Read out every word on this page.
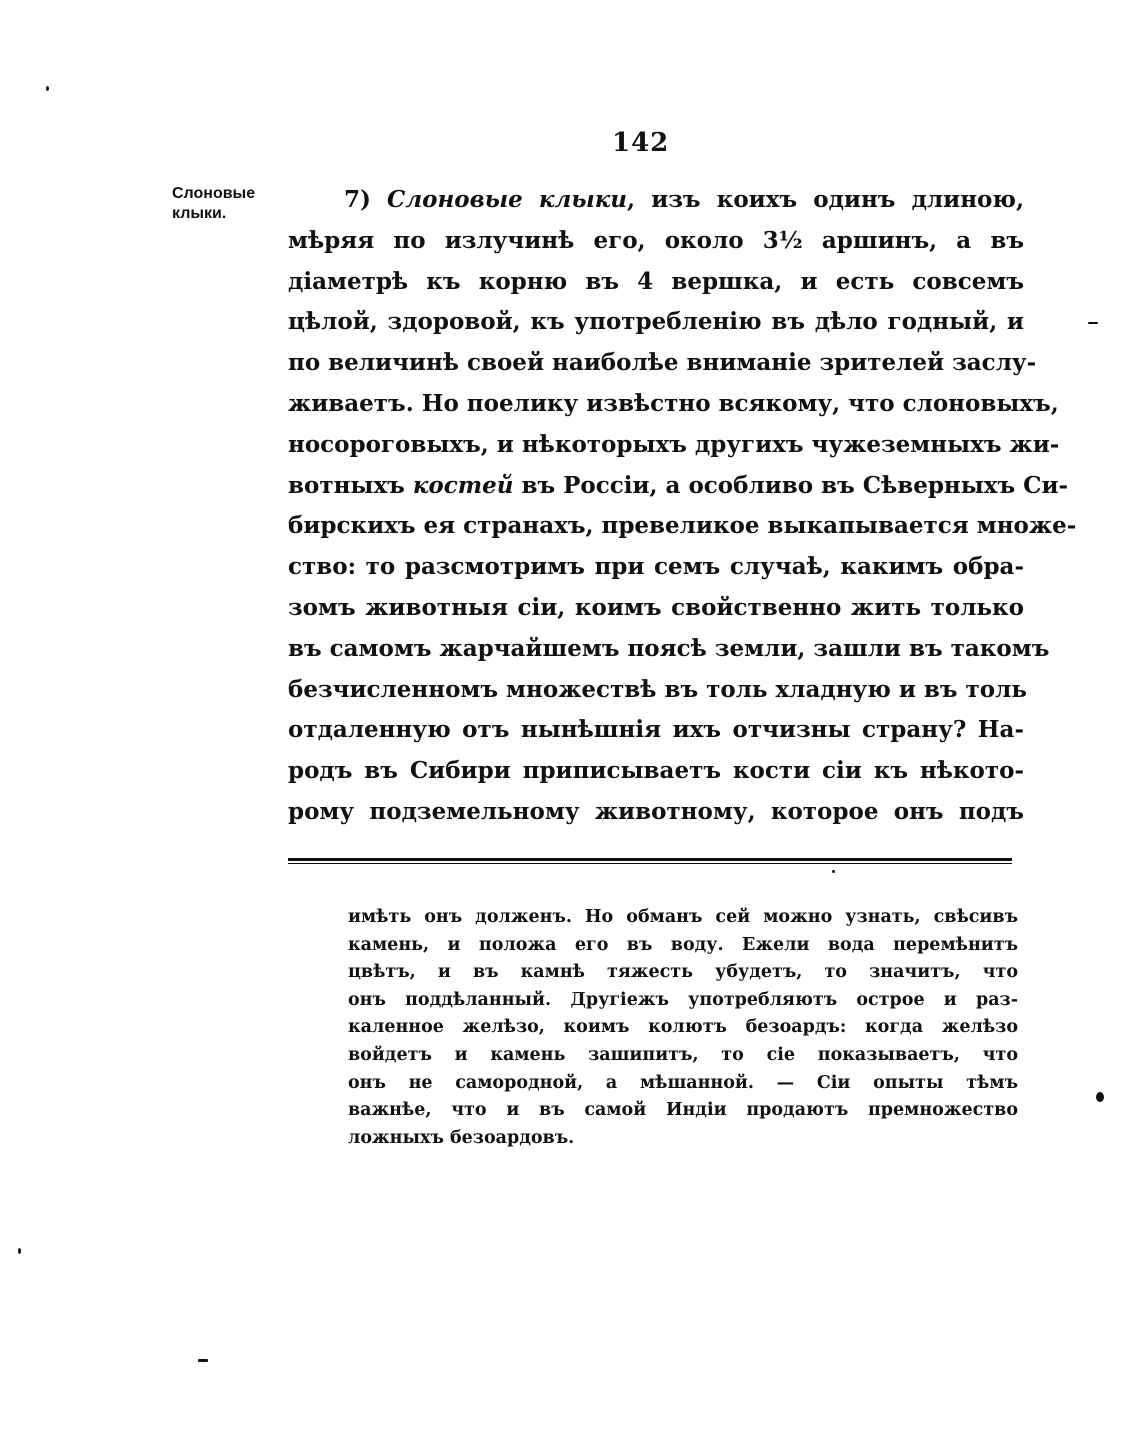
142
Слоновые
клыки.
7) Слоновые клыки, изъ коихъ одинъ длиною,
мѣряя по излучинѣ его, около 3½ аршинъ, а въ
діаметрѣ къ корню въ 4 вершка, и есть совсемъ
цѣлой, здоровой, къ употребленію въ дѣло годный, и
по величинѣ своей наиболѣе вниманіе зрителей заслу-
живаетъ. Но поелику извѣстно всякому, что слоновыхъ,
носороговыхъ, и нѣкоторыхъ другихъ чужеземныхъ жи-
вотныхъ костей въ Россіи, а особливо въ Сѣверныхъ Си-
бирскихъ ея странахъ, превеликое выкапывается множе-
ство: то разсмотримъ при семъ случаѣ, какимъ обра-
зомъ животныя сіи, коимъ свойственно жить только
въ самомъ жарчайшемъ поясѣ земли, зашли въ такомъ
безчисленномъ множествѣ въ толь хладную и въ толь
отдаленную отъ нынѣшнія ихъ отчизны страну? На-
родъ въ Сибири приписываетъ кости сіи къ нѣкото-
рому подземельному животному, которое онъ подъ
имѣть онъ долженъ. Но обманъ сей можно узнать, свѣсивъ
камень, и положа его въ воду. Ежели вода перемѣнитъ
цвѣтъ, и въ камнѣ тяжесть убудетъ, то значитъ, что
онъ поддѣланный. Другіежъ употребляютъ острое и раз-
каленное желѣзо, коимъ колютъ безоардъ: когда желѣзо
войдетъ и камень зашипитъ, то сіе показываетъ, что
онъ не самородной, а мѣшанной. — Сіи опыты тѣмъ
важнѣе, что и въ самой Индіи продаютъ премножество
ложныхъ безоардовъ.
